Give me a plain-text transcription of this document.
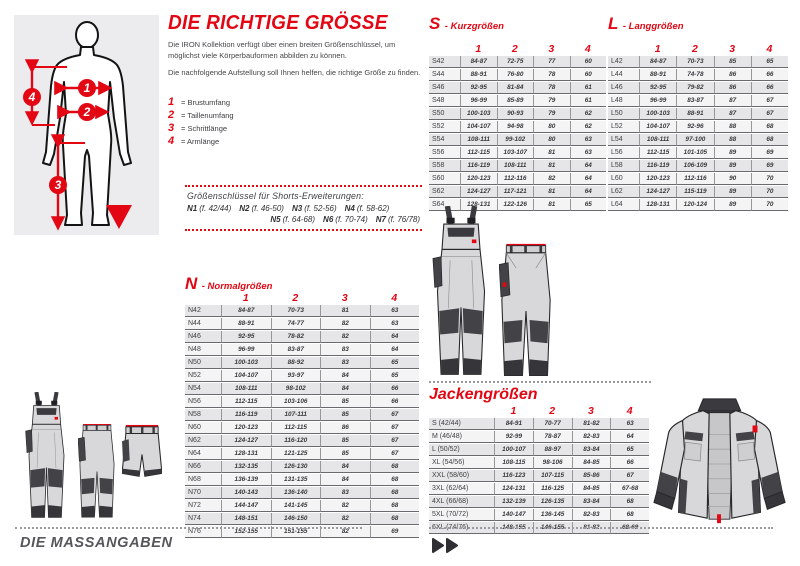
1
2
3
4
DIE RICHTIGE GRÖSSE
Die IRON Kollektion verfügt über einen breiten Größenschlüssel, um möglichst viele Körperbauformen abbilden zu können.
Die nachfolgende Aufstellung soll Ihnen helfen, die richtige Größe zu finden.
1 = Brustumfang
2 = Taillenumfang
3 = Schrittlänge
4 = Armlänge
Größenschlüssel für Shorts-Erweiterungen:
N1 (f. 42/44) N2 (f. 46-50) N3 (f. 52-56) N4 (f. 58-62)
N5 (f. 64-68) N6 (f. 70-74) N7 (f. 76/78)
S - Kurzgrößen
	1	2	3	4
S42	84-87	72-75	77	60
S44	88-91	76-80	78	60
S46	92-95	81-84	78	61
S48	96-99	85-89	79	61
S50	100-103	90-93	79	62
S52	104-107	94-98	80	62
S54	108-111	99-102	80	63
S56	112-115	103-107	81	63
S58	116-119	108-111	81	64
S60	120-123	112-116	82	64
S62	124-127	117-121	81	64
S64	128-131	122-126	81	65
L - Langgrößen
	1	2	3	4
L42	84-87	70-73	85	65
L44	88-91	74-78	86	66
L46	92-95	79-82	86	66
L48	96-99	83-87	87	67
L50	100-103	88-91	87	67
L52	104-107	92-96	88	68
L54	108-111	97-100	88	68
L56	112-115	101-105	89	69
L58	116-119	106-109	89	69
L60	120-123	112-116	90	70
L62	124-127	115-119	89	70
L64	128-131	120-124	89	70
N - Normalgrößen
	1	2	3	4
N42	84-87	70-73	81	63
N44	88-91	74-77	82	63
N46	92-95	78-82	82	64
N48	96-99	83-87	83	64
N50	100-103	88-92	83	65
N52	104-107	93-97	84	65
N54	108-111	98-102	84	66
N56	112-115	103-106	85	66
N58	116-119	107-111	85	67
N60	120-123	112-115	86	67
N62	124-127	116-120	85	67
N64	128-131	121-125	85	67
N66	132-135	126-130	84	68
N68	136-139	131-135	84	68
N70	140-143	136-140	83	68
N72	144-147	141-145	82	68
N74	148-151	146-150	82	68
N76	152-155	151-155	82	69
Jackengrößen
	1	2	3	4
S (42/44)	84-91	70-77	81-82	63
M (46/48)	92-99	78-87	82-83	64
L (50/52)	100-107	88-97	83-84	65
XL (54/56)	108-115	98-106	84-85	66
XXL (58/60)	116-123	107-115	85-86	67
3XL (62/64)	124-131	116-125	84-85	67-68
4XL (66/68)	132-139	126-135	83-84	68
5XL (70/72)	140-147	136-145	82-83	68
6XL (74/76)	148-155	146-155	81-82	68-69
DIE MASSANGABEN
